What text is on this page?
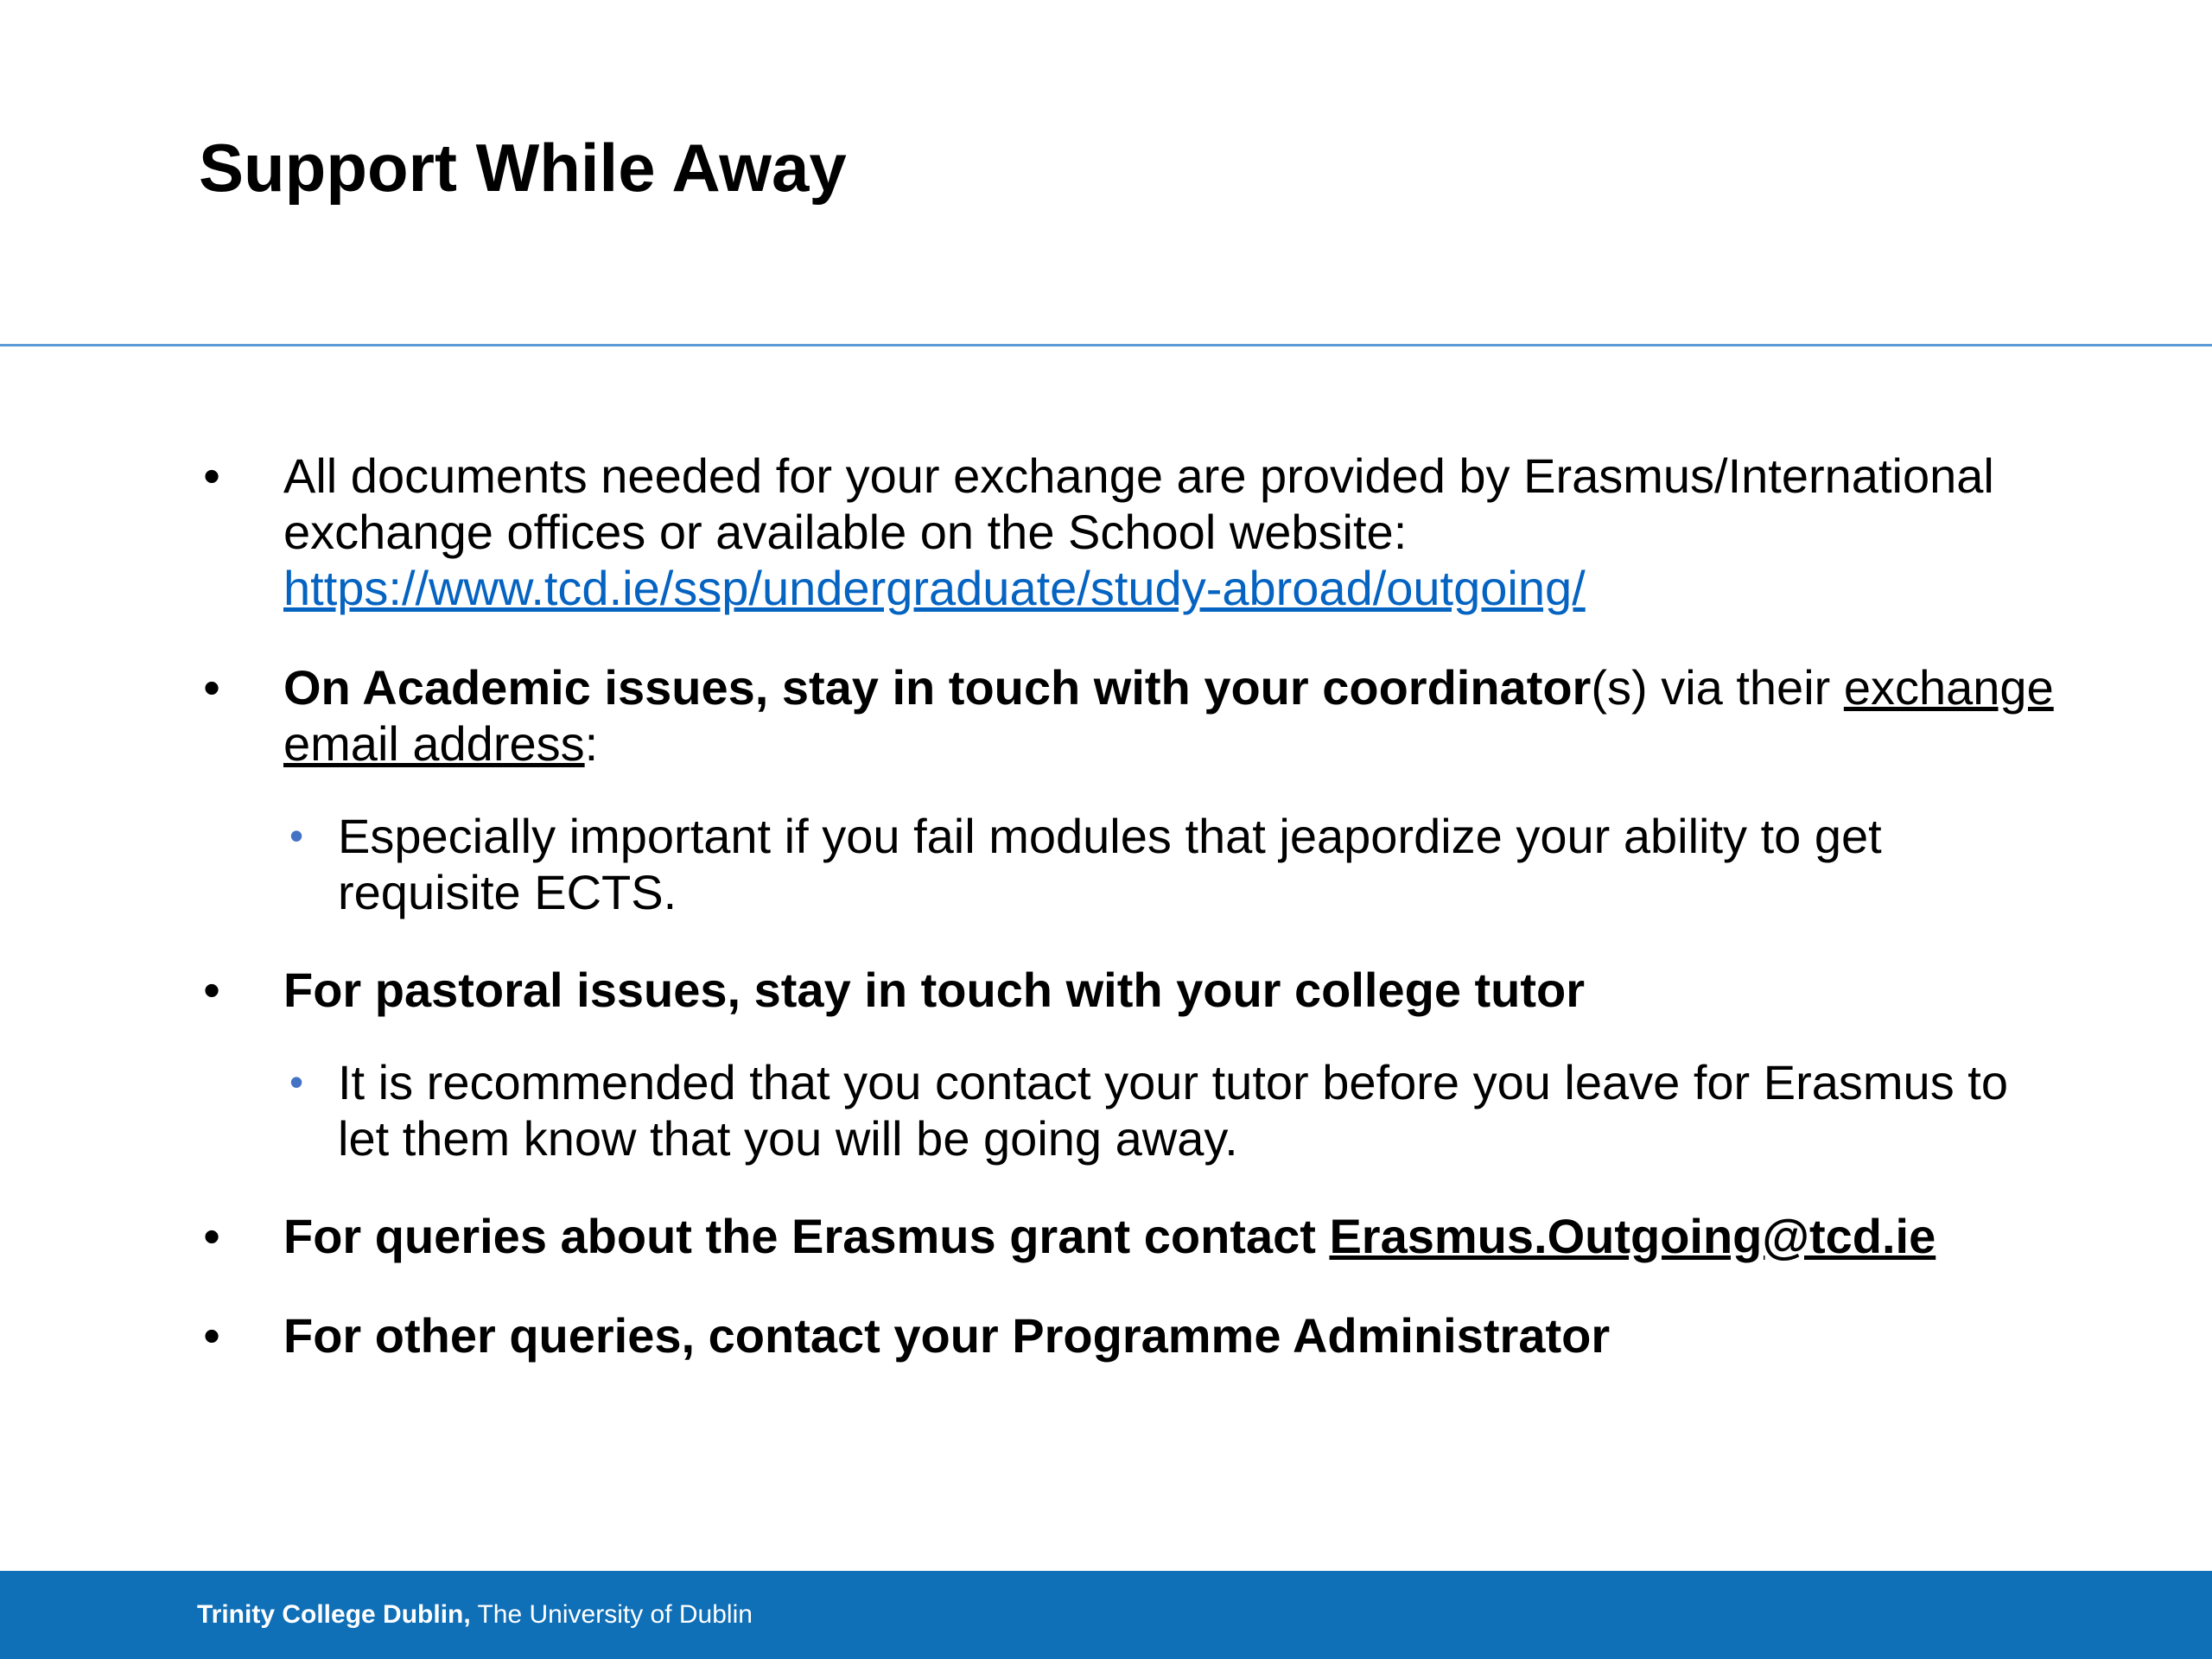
Support While Away
• All documents needed for your exchange are provided by Erasmus/International exchange offices or available on the School website: https://www.tcd.ie/ssp/undergraduate/study-abroad/outgoing/
• On Academic issues, stay in touch with your coordinator(s) via their exchange email address:
• Especially important if you fail modules that jeapordize your ability to get requisite ECTS.
• For pastoral issues, stay in touch with your college tutor
• It is recommended that you contact your tutor before you leave for Erasmus to let them know that you will be going away.
• For queries about the Erasmus grant contact Erasmus.Outgoing@tcd.ie
• For other queries, contact your Programme Administrator
Trinity College Dublin, The University of Dublin
